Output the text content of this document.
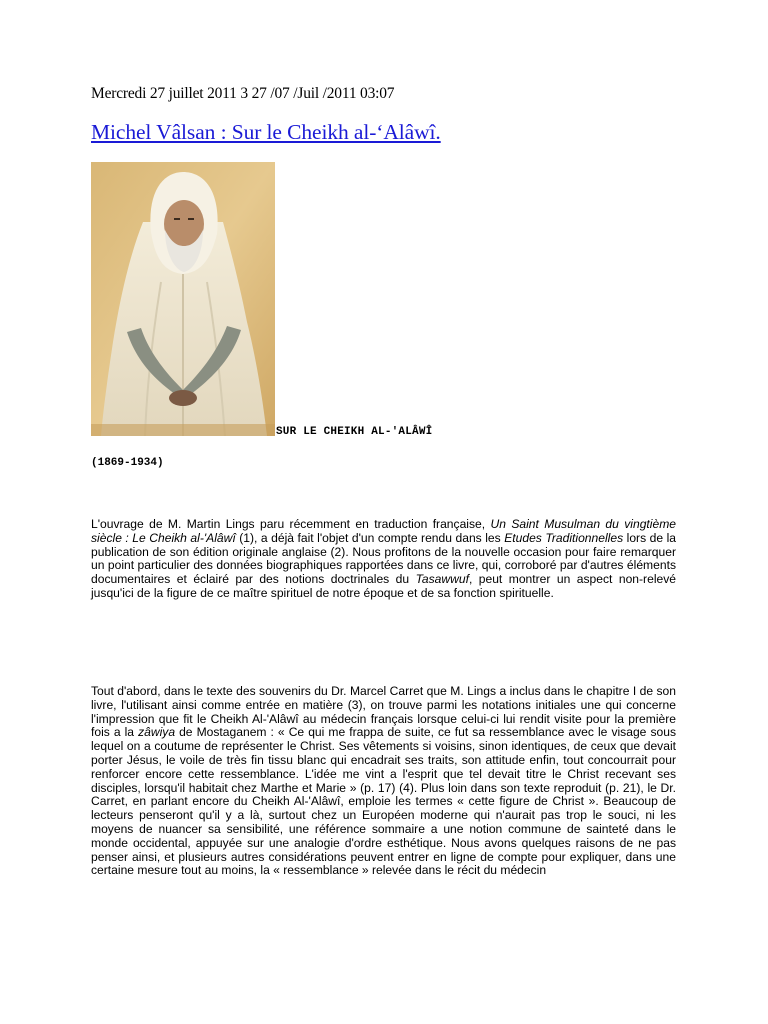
Mercredi 27 juillet 2011 3 27 /07 /Juil /2011 03:07
Michel Vâlsan : Sur le Cheikh al-‘Alâwî.
SUR LE CHEIKH AL-'ALÂWÎ
(1869-1934)

L'ouvrage de M. Martin Lings paru récemment en traduction française, Un Saint Musulman du vingtième siècle : Le Cheikh al-'Alâwî (1), a déjà fait l'objet d'un compte rendu dans les Etudes Traditionnelles lors de la publication de son édition originale anglaise (2). Nous profitons de la nouvelle occasion pour faire remarquer un point particulier des données biographiques rapportées dans ce livre, qui, corroboré par d'autres éléments documentaires et éclairé par des notions doctrinales du Tasawwuf, peut montrer un aspect non-relevé jusqu'ici de la figure de ce maître spirituel de notre époque et de sa fonction spirituelle.

Tout d'abord, dans le texte des souvenirs du Dr. Marcel Carret que M. Lings a inclus dans le chapitre I de son livre, l'utilisant ainsi comme entrée en matière (3), on trouve parmi les notations initiales une qui concerne l'impression que fit le Cheikh Al-'Alâwî au médecin français lorsque celui-ci lui rendit visite pour la première fois a la zâwiya de Mostaganem : « Ce qui me frappa de suite, ce fut sa ressemblance avec le visage sous lequel on a coutume de représenter le Christ. Ses vêtements si voisins, sinon identiques, de ceux que devait porter Jésus, le voile de très fin tissu blanc qui encadrait ses traits, son attitude enfin, tout concourrait pour renforcer encore cette ressemblance. L'idée me vint a l'esprit que tel devait titre le Christ recevant ses disciples, lorsqu'il habitait chez Marthe et Marie » (p. 17) (4). Plus loin dans son texte reproduit (p. 21), le Dr. Carret, en parlant encore du Cheikh Al-'Alâwî, emploie les termes « cette figure de Christ ». Beaucoup de lecteurs penseront qu'il y a là, surtout chez un Européen moderne qui n'aurait pas trop le souci, ni les moyens de nuancer sa sensibilité, une référence sommaire a une notion commune de sainteté dans le monde occidental, appuyée sur une analogie d'ordre esthétique. Nous avons quelques raisons de ne pas penser ainsi, et plusieurs autres considérations peuvent entrer en ligne de compte pour expliquer, dans une certaine mesure tout au moins, la « ressemblance » relevée dans le récit du médecin
